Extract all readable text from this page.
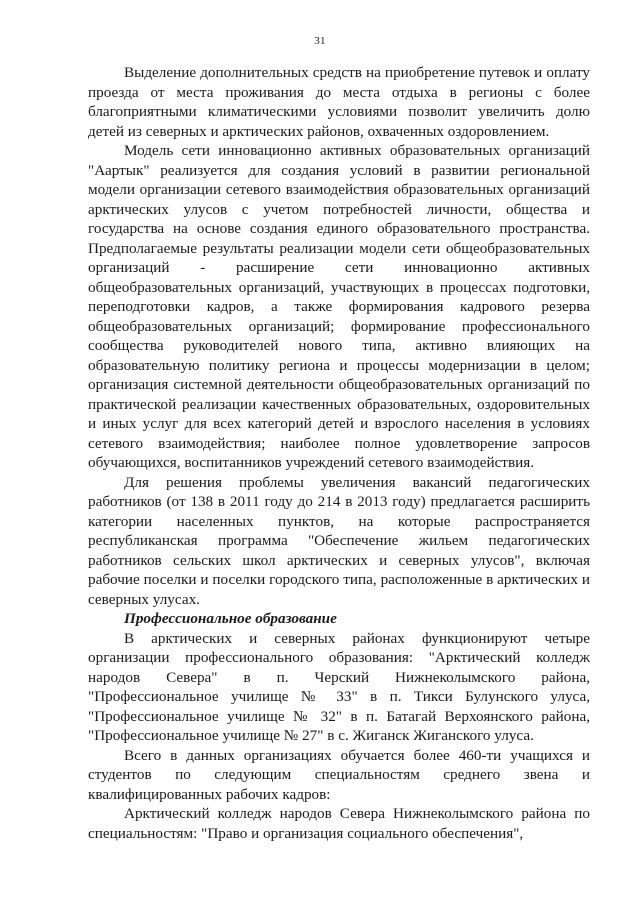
31

Выделение дополнительных средств на приобретение путевок и оплату проезда от места проживания до места отдыха в регионы с более благоприятными климатическими условиями позволит увеличить долю детей из северных и арктических районов, охваченных оздоровлением.

Модель сети инновационно активных образовательных организаций "Аартык" реализуется для создания условий в развитии региональной модели организации сетевого взаимодействия образовательных организаций арктических улусов с учетом потребностей личности, общества и государства на основе создания единого образовательного пространства. Предполагаемые результаты реализации модели сети общеобразовательных организаций - расширение сети инновационно активных общеобразовательных организаций, участвующих в процессах подготовки, переподготовки кадров, а также формирования кадрового резерва общеобразовательных организаций; формирование профессионального сообщества руководителей нового типа, активно влияющих на образовательную политику региона и процессы модернизации в целом; организация системной деятельности общеобразовательных организаций по практической реализации качественных образовательных, оздоровительных и иных услуг для всех категорий детей и взрослого населения в условиях сетевого взаимодействия; наиболее полное удовлетворение запросов обучающихся, воспитанников учреждений сетевого взаимодействия.

Для решения проблемы увеличения вакансий педагогических работников (от 138 в 2011 году до 214 в 2013 году) предлагается расширить категории населенных пунктов, на которые распространяется республиканская программа "Обеспечение жильем педагогических работников сельских школ арктических и северных улусов", включая рабочие поселки и поселки городского типа, расположенные в арктических и северных улусах.

Профессиональное образование

В арктических и северных районах функционируют четыре организации профессионального образования: "Арктический колледж народов Севера" в п. Черский Нижнеколымского района, "Профессиональное училище № 33" в п. Тикси Булунского улуса, "Профессиональное училище № 32" в п. Батагай Верхоянского района, "Профессиональное училище № 27" в с. Жиганск Жиганского улуса.

Всего в данных организациях обучается более 460-ти учащихся и студентов по следующим специальностям среднего звена и квалифицированных рабочих кадров:

Арктический колледж народов Севера Нижнеколымского района по специальностям: "Право и организация социального обеспечения",
